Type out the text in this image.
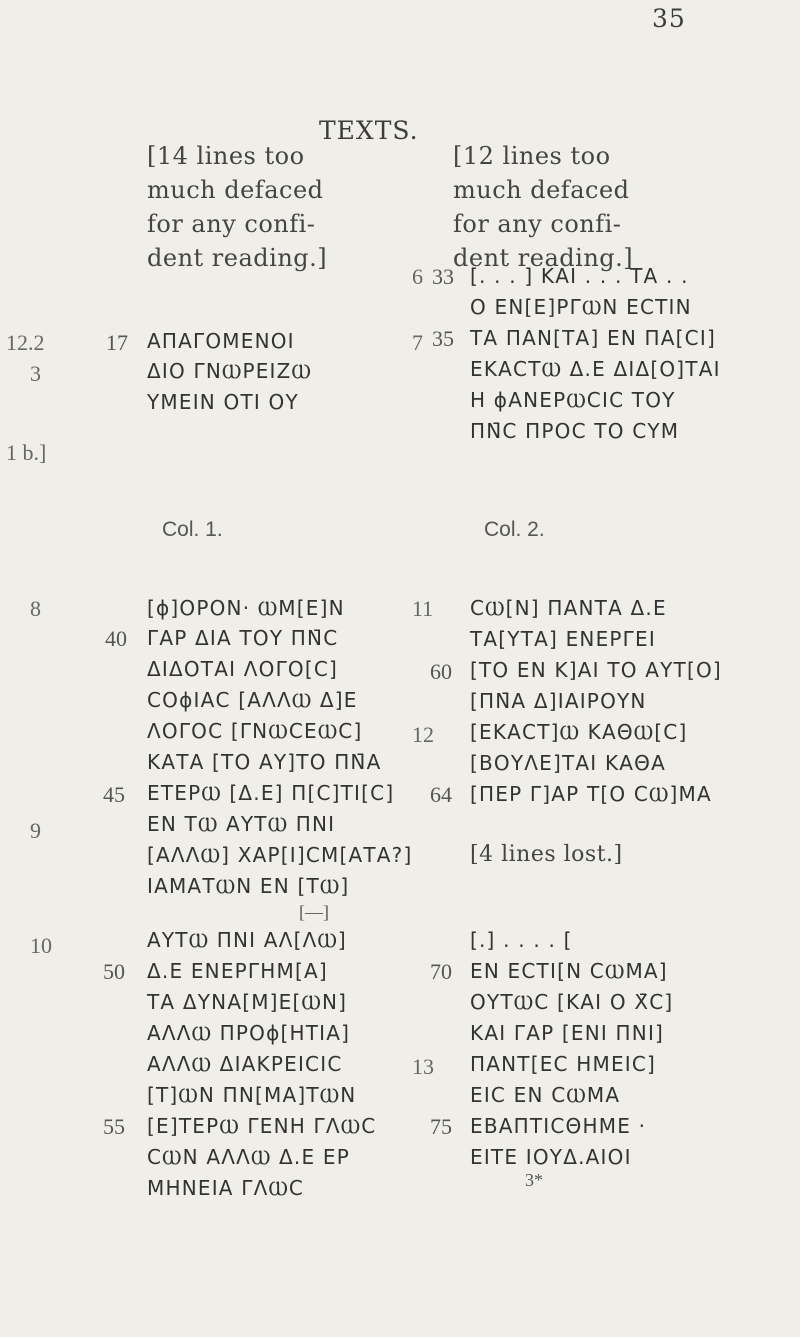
TEXTS.
35
[14 lines too
much defaced
for any confi-
dent reading.]
[12 lines too
much defaced
for any confi-
dent reading.]
12.2
3
1 b.]
8
9
10
17 ΑΠΑΓΟΜΕΝΟΙ
ΔΙΟ ΓΝⲰΡΕΙΖⲰ
ΥΜΕΙΝ ΟΤΙ ΟΥ
Col. 1.
[ϕ]ΟΡΟΝ· ⲰΜ[Ε]Ν
40 ΓΑΡ ΔΙΑ ΤΟΥ ΠΝ̄C
ΔΙΔΟΤΑΙ ΛΟΓΟ[C]
CΟϕΙΑC [ΑΛΛⲰ Δ]Ε
ΛΟΓΟC [ΓΝⲰCΕⲰC]
ΚΑΤΑ [ΤΟ ΑΥ]ΤΟ ΠΝ̄Α
45 ΕΤΕΡⲰ [Δ.Ε] Π[C]ΤΙ[C]
ΕΝ ΤⲰ ΑΥΤⲰ ΠΝΙ
[ΑΛΛⲰ] ΧΑΡ[Ι]CΜ[ΑΤΑ?]
ΙΑΜΑΤⲰΝ ΕΝ [ΤⲰ]
[—]
ΑΥΤⲰ ΠΝΙ ΑΛ[ΛⲰ]
50 Δ.Ε ΕΝΕΡΓΗΜ[Α]
ΤΑ ΔΥΝΑ[Μ]Ε[ⲰΝ]
ΑΛΛⲰ ΠΡΟϕ[ΗΤΙΑ]
ΑΛΛⲰ ΔΙΑΚΡΕΙCΙC
[Τ]ⲰΝ ΠΝ[ΜΑ]ΤⲰΝ
55 [Ε]ΤΕΡⲰ ΓΕΝΗ ΓΛⲰC
CⲰΝ ΑΛΛⲰ Δ.Ε ΕΡ
ΜΗΝΕΙΑ ΓΛⲰC
6
7
11
12
13
33 [. . . ] ΚΑΙ . . . ΤΑ . .
Ο ΕΝ[Ε]ΡΓⲰΝ ΕCΤΙΝ
35 ΤΑ ΠΑΝ[ΤΑ] ΕΝ ΠΑ[CΙ]
ΕΚΑCΤⲰ Δ.Ε ΔΙΔ[Ο]ΤΑΙ
Η ϕΑΝΕΡⲰCΙC ΤΟΥ
ΠΝ̄C ΠΡΟC ΤΟ CΥΜ
Col. 2.
CⲰ[Ν] ΠΑΝΤΑ Δ.Ε
ΤΑ[ΥΤΑ] ΕΝΕΡΓΕΙ
60 [ΤΟ ΕΝ Κ]ΑΙ ΤΟ ΑΥΤ[Ο]
[ΠΝ̄Α Δ]ΙΑΙΡΟΥΝ
[ΕΚΑCΤ]Ⲱ ΚΑΘⲰ[C]
[ΒΟΥΛΕ]ΤΑΙ ΚΑΘΑ
64 [ΠΕΡ Γ]ΑΡ Τ[Ο CⲰ]ΜΑ
[4 lines lost.]
[.] . . . . [
70 ΕΝ ΕCΤΙ[Ν CⲰΜΑ]
ΟΥΤⲰC [ΚΑΙ Ο Χ̄C]
ΚΑΙ ΓΑΡ [ΕΝΙ ΠΝΙ]
ΠΑΝΤ[ΕC ΗΜΕΙC]
ΕΙC ΕΝ CⲰΜΑ
75 ΕΒΑΠΤΙCΘΗΜΕ ·
ΕΙΤΕ ΙΟΥΔ.ΑΙΟΙ
3*
